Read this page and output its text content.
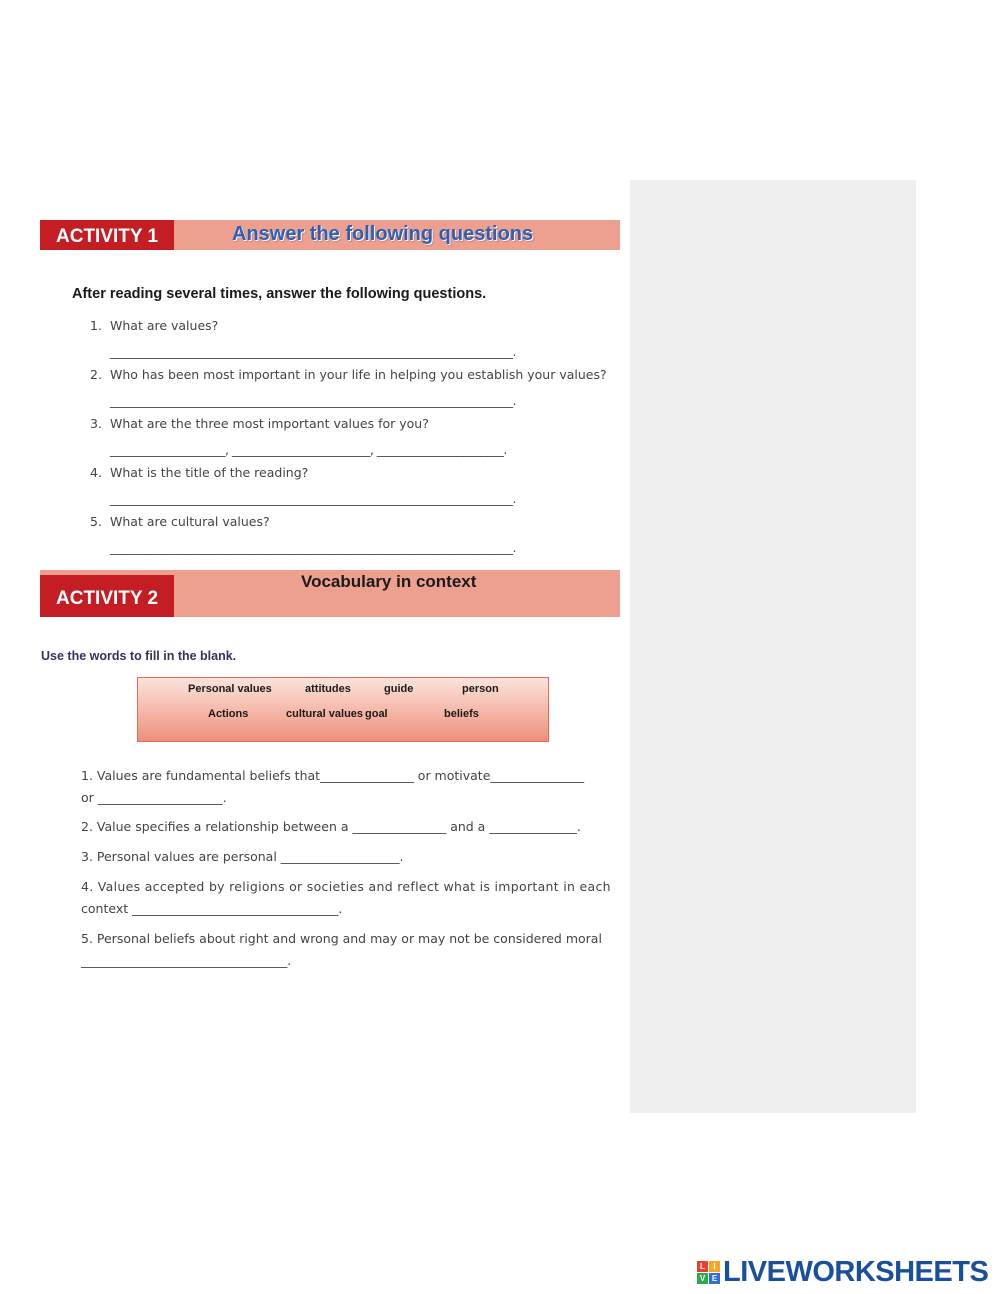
ACTIVITY 1	Answer the following questions
After reading several times, answer the following questions.
1. What are values?
______________________________________________________________________.
2. Who has been most important in your life in helping you establish your values?
______________________________________________________________________.
3. What are the three most important values for you?
____________________, ________________________, ______________________.
4. What is the title of the reading?
______________________________________________________________________.
5. What are cultural values?
______________________________________________________________________.
ACTIVITY 2
Vocabulary in context
Use the words to fill in the blank.
Personal values	attitudes	guide	person
Actions	cultural values goal	beliefs
1. Values are fundamental beliefs that_______________ or motivate_______________
or ____________________.
2. Value specifies a relationship between a _______________ and a ______________.
3. Personal values are personal ___________________.
4. Values accepted by religions or societies and reflect what is important in each
context _________________________________.
5. Personal beliefs about right and wrong and may or may not be considered moral
_________________________________.
L	I
V E LIVEWORKSHEETS
